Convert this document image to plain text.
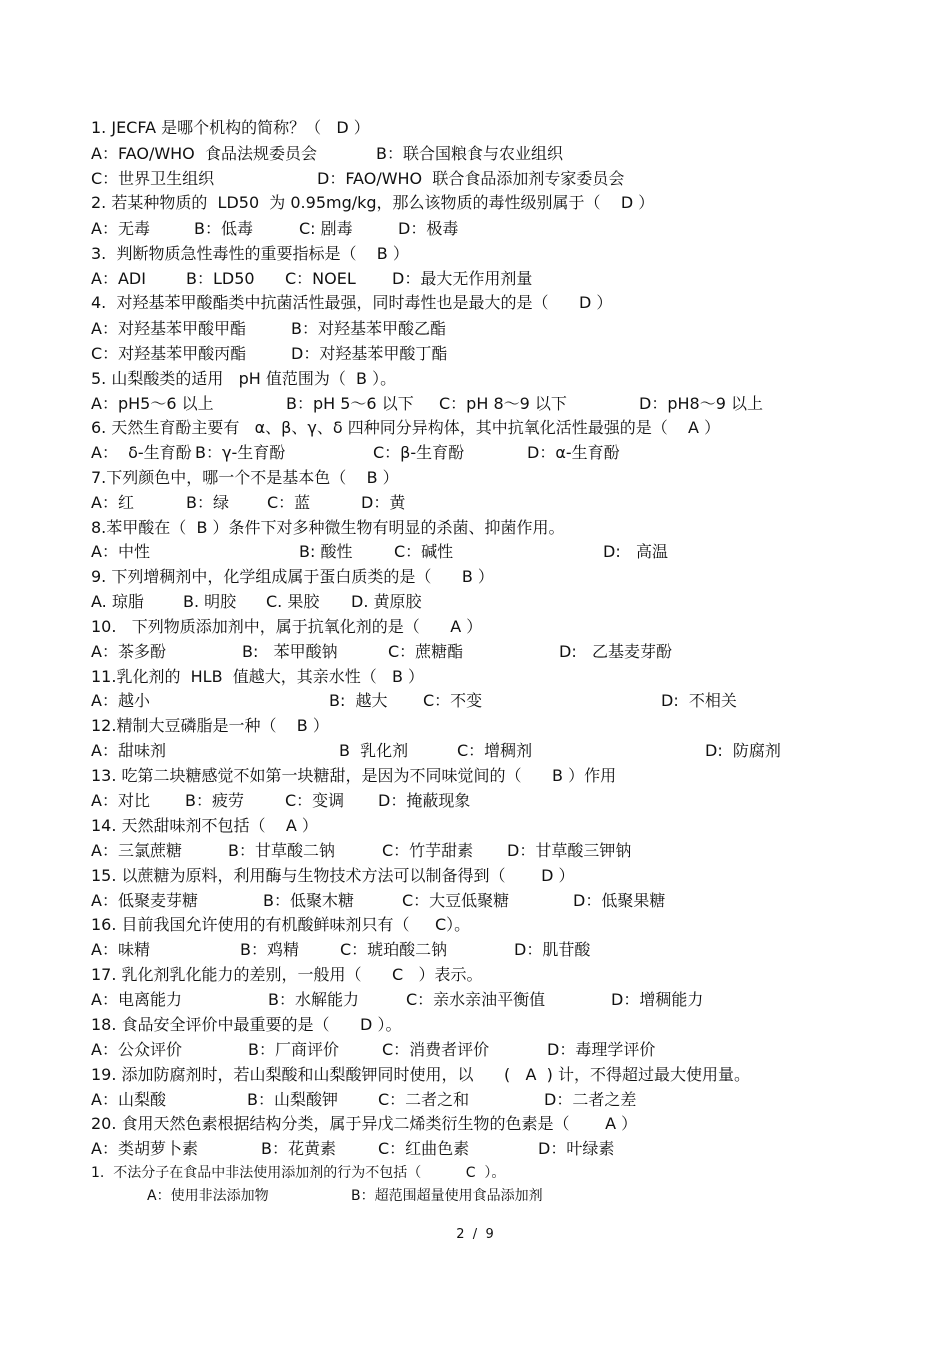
2  /  9
1. JECFA 是哪个机构的简称？（   D ）
A：FAO/WHO  食品法规委员会	B：联合国粮食与农业组织
C：世界卫生组织	D：FAO/WHO  联合食品添加剂专家委员会
2. 若某种物质的  LD50  为 0.95mg/kg，那么该物质的毒性级别属于（    D ）
A：无毒	B：低毒	C: 剧毒	D：极毒
3.  判断物质急性毒性的重要指标是（    B ）
A：ADI	B：LD50 C：NOEL D：最大无作用剂量
4.  对羟基苯甲酸酯类中抗菌活性最强，同时毒性也是最大的是（      D ）
A：对羟基苯甲酸甲酯	B：对羟基苯甲酸乙酯
C：对羟基苯甲酸丙酯	D：对羟基苯甲酸丁酯
5. 山梨酸类的适用   pH 值范围为（  B ）。
A：pH5～6 以上	B：pH 5～6 以下 C：pH 8～9 以下	D：pH8～9 以上
6. 天然生育酚主要有   α、β、γ、δ 四种同分异构体，其中抗氧化活性最强的是（    A ）
A：  δ-生育酚 B：γ-生育酚	C：β-生育酚	D：α-生育酚
7.下列颜色中，哪一个不是基本色（    B ）
A：红	B：绿 C：蓝	D：黄
8.苯甲酸在（  B ）条件下对多种微生物有明显的杀菌、抑菌作用。
A：中性	B: 酸性	C：碱性	D:   高温
9. 下列增稠剂中，化学组成属于蛋白质类的是（      B ）
A. 琼脂 B. 明胶 C. 果胶 D. 黄原胶
10.   下列物质添加剂中，属于抗氧化剂的是（      A ）
A：茶多酚	B:   苯甲酸钠	C：蔗糖酯	D:   乙基麦芽酚
11.乳化剂的  HLB  值越大，其亲水性（   B ）
A：越小	B:  越大 C：不变	D:  不相关
12.精制大豆磷脂是一种（    B ）
A：甜味剂	B  乳化剂	C：增稠剂	D:  防腐剂
13. 吃第二块糖感觉不如第一块糖甜，是因为不同味觉间的（      B ）作用
A：对比 B：疲劳	C：变调 D：掩蔽现象
14. 天然甜味剂不包括（    A ）
A：三氯蔗糖	B：甘草酸二钠	C：竹芋甜素 D：甘草酸三钾钠
15. 以蔗糖为原料，利用酶与生物技术方法可以制备得到（       D ）
A：低聚麦芽糖	B：低聚木糖	C：大豆低聚糖	D：低聚果糖
16. 目前我国允许使用的有机酸鲜味剂只有（     C）。
A：味精	B：鸡精	C：琥珀酸二钠	D：肌苷酸
17. 乳化剂乳化能力的差别，一般用（      C   ）表示。
A：电离能力	B：水解能力	C：亲水亲油平衡值	D：增稠能力
18. 食品安全评价中最重要的是（      D ）。
A：公众评价	B：厂商评价	C：消费者评价	D：毒理学评价
19. 添加防腐剂时，若山梨酸和山梨酸钾同时使用，以      (   A  ) 计，不得超过最大使用量。
A：山梨酸	B：山梨酸钾	C：二者之和	D：二者之差
20. 食用天然色素根据结构分类，属于异戊二烯类衍生物的色素是（       A ）
A：类胡萝卜素	B：花黄素	C：红曲色素	D：叶绿素
1.  不法分子在食品中非法使用添加剂的行为不包括（          C  ）。
A：使用非法添加物	B：超范围超量使用食品添加剂
